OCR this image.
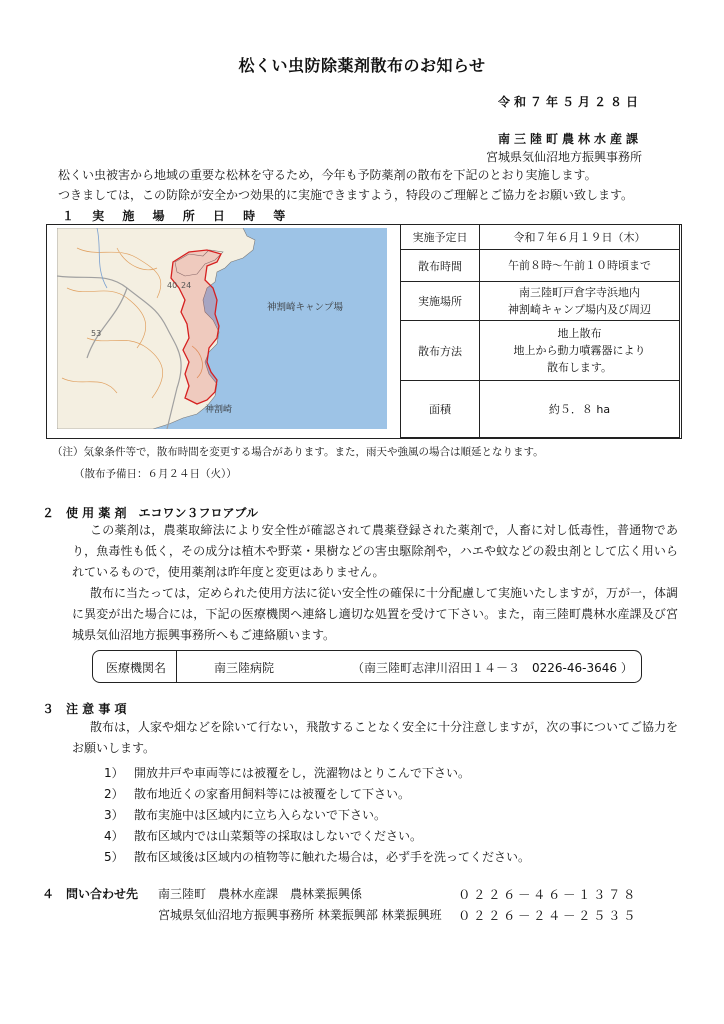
松くい虫防除薬剤散布のお知らせ
令和７年５月２８日
南三陸町農林水産課
宮城県気仙沼地方振興事務所
松くい虫被害から地域の重要な松林を守るため，今年も予防薬剤の散布を下記のとおり実施します。
つきましては，この防除が安全かつ効果的に実施できますよう，特段のご理解とご協力をお願い致します。
１ 実 施 場 所 日 時 等
神割崎キャンプ場
神割崎
53
40 24
実施予定日	令和７年６月１９日（木）

散布時間	午前８時～午前１０時頃まで

実施場所	南三陸町戸倉字寺浜地内
神割崎キャンプ場内及び周辺

散布方法	地上散布
地上から動力噴霧器により
散布します。

面積	約５．８ ha
（注）気象条件等で，散布時間を変更する場合があります。また，雨天や強風の場合は順延となります。
（散布予備日：６月２４日（火））
２　使 用 薬 剤　エコワン３フロアブル
この薬剤は，農薬取締法により安全性が確認されて農薬登録された薬剤で，人畜に対し低毒性，普通物であり，魚毒性も低く，その成分は植木や野菜・果樹などの害虫駆除剤や，ハエや蚊などの殺虫剤として広く用いられているもので，使用薬剤は昨年度と変更はありません。
散布に当たっては，定められた使用方法に従い安全性の確保に十分配慮して実施いたしますが，万が一，体調に異変が出た場合には，下記の医療機関へ連絡し適切な処置を受けて下さい。また，南三陸町農林水産課及び宮城県気仙沼地方振興事務所へもご連絡願います。
医療機関名	南三陸病院	（南三陸町志津川沼田１４－３　0226-46-3646 ）
３　注 意 事 項
散布は，人家や畑などを除いて行ない，飛散することなく安全に十分注意しますが，次の事についてご協力をお願いします。
1） 開放井戸や車両等には被覆をし，洗濯物はとりこんで下さい。
2） 散布地近くの家畜用飼料等には被覆をして下さい。
3） 散布実施中は区域内に立ち入らないで下さい。
4） 散布区域内では山菜類等の採取はしないでください。
5） 散布区域後は区域内の植物等に触れた場合は，必ず手を洗ってください。
４　問い合わせ先 南三陸町　農林水産課　農林業振興係	０２２６－４６－１３７８
宮城県気仙沼地方振興事務所 林業振興部 林業振興班 ０２２６－２４－２５３５
